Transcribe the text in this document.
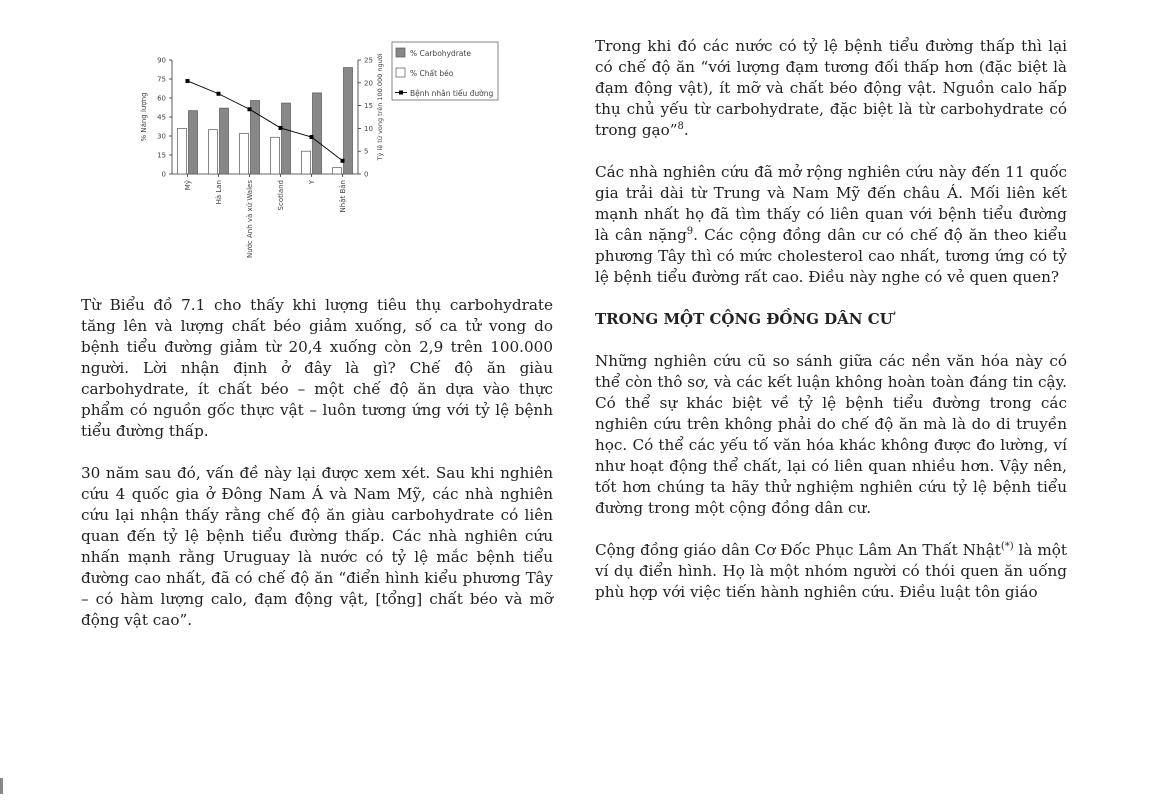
0
15
30
45
60
75
90
0
5
10
15
20
25
% Năng lượng	Tỷ lệ tử vong trên 100.000 người
Mỹ	Hà Lan	Nước Anh và xứ Wales	Scotland	Ý	Nhật Bản
% Carbohydrate
% Chất béo
Bệnh nhân tiểu đường

Từ Biểu đồ 7.1 cho thấy khi lượng tiêu thụ carbohydrate tăng lên và lượng chất béo giảm xuống, số ca tử vong do bệnh tiểu đường giảm từ 20,4 xuống còn 2,9 trên 100.000 người. Lời nhận định ở đây là gì? Chế độ ăn giàu carbohydrate, ít chất béo – một chế độ ăn dựa vào thực phẩm có nguồn gốc thực vật – luôn tương ứng với tỷ lệ bệnh tiểu đường thấp.

30 năm sau đó, vấn đề này lại được xem xét. Sau khi nghiên cứu 4 quốc gia ở Đông Nam Á và Nam Mỹ, các nhà nghiên cứu lại nhận thấy rằng chế độ ăn giàu carbohydrate có liên quan đến tỷ lệ bệnh tiểu đường thấp. Các nhà nghiên cứu nhấn mạnh rằng Uruguay là nước có tỷ lệ mắc bệnh tiểu đường cao nhất, đã có chế độ ăn “điển hình kiểu phương Tây – có hàm lượng calo, đạm động vật, [tổng] chất béo và mỡ động vật cao”.

Trong khi đó các nước có tỷ lệ bệnh tiểu đường thấp thì lại có chế độ ăn “với lượng đạm tương đối thấp hơn (đặc biệt là đạm động vật), ít mỡ và chất béo động vật. Nguồn calo hấp thụ chủ yếu từ carbohydrate, đặc biệt là từ carbohydrate có trong gạo”$^8$.

Các nhà nghiên cứu đã mở rộng nghiên cứu này đến 11 quốc gia trải dài từ Trung và Nam Mỹ đến châu Á. Mối liên kết mạnh nhất họ đã tìm thấy có liên quan với bệnh tiểu đường là cân nặng$^9$. Các cộng đồng dân cư có chế độ ăn theo kiểu phương Tây thì có mức cholesterol cao nhất, tương ứng có tỷ lệ bệnh tiểu đường rất cao. Điều này nghe có vẻ quen quen?

TRONG MỘT CỘNG ĐỒNG DÂN CƯ

Những nghiên cứu cũ so sánh giữa các nền văn hóa này có thể còn thô sơ, và các kết luận không hoàn toàn đáng tin cậy. Có thể sự khác biệt về tỷ lệ bệnh tiểu đường trong các nghiên cứu trên không phải do chế độ ăn mà là do di truyền học. Có thể các yếu tố văn hóa khác không được đo lường, ví như hoạt động thể chất, lại có liên quan nhiều hơn. Vậy nên, tốt hơn chúng ta hãy thử nghiệm nghiên cứu tỷ lệ bệnh tiểu đường trong một cộng đồng dân cư.

Cộng đồng giáo dân Cơ Đốc Phục Lâm An Thất Nhật(*) là một ví dụ điển hình. Họ là một nhóm người có thói quen ăn uống phù hợp với việc tiến hành nghiên cứu. Điều luật tôn giáo
